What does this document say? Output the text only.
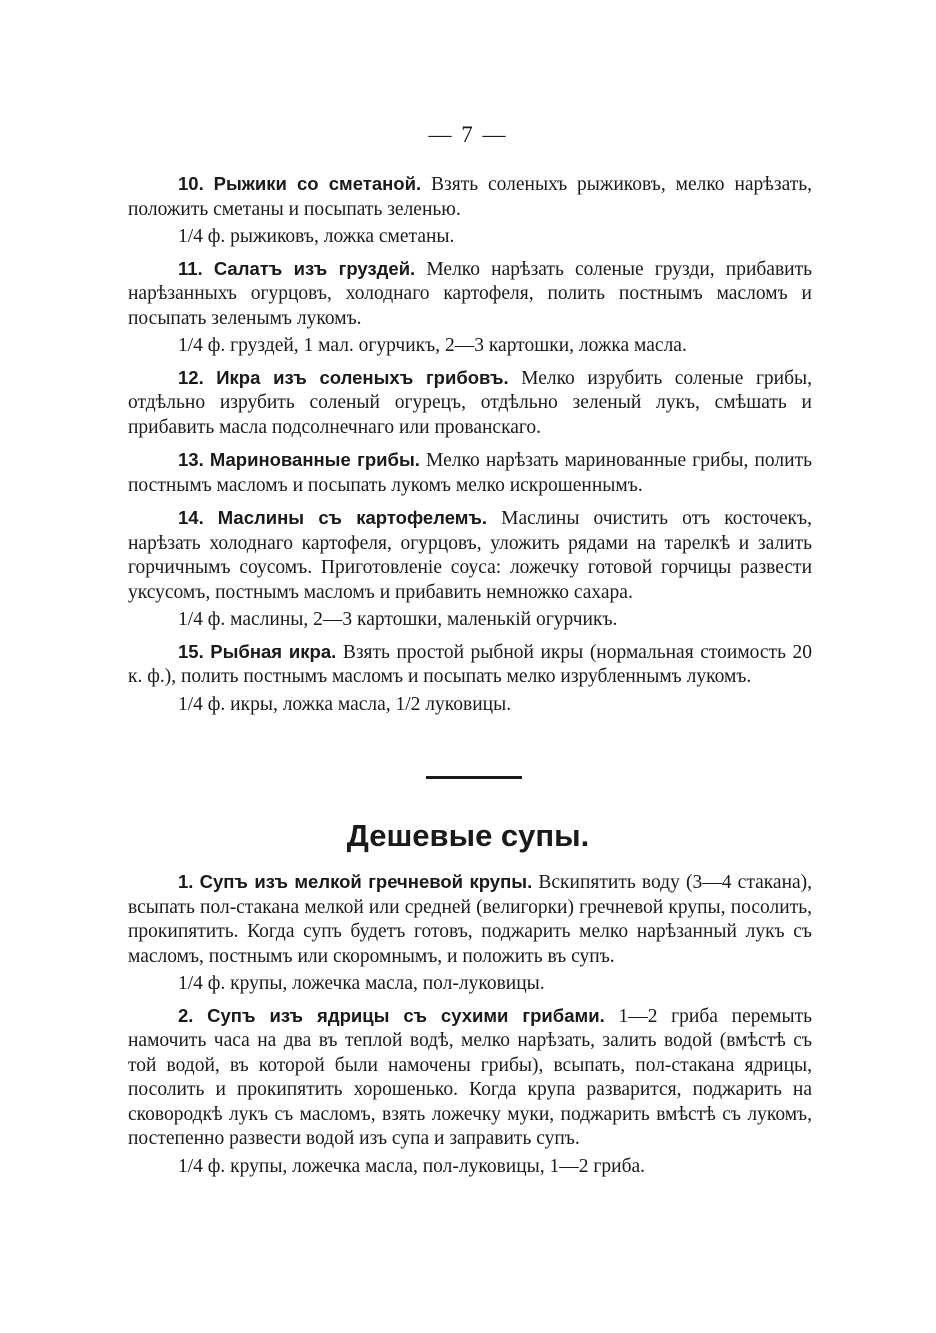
— 7 —

10. Рыжики со сметаной. Взять соленыхъ рыжиковъ, мелко нарѣзать, положить сметаны и посыпать зеленью.

1/4 ф. рыжиковъ, ложка сметаны.

11. Салатъ изъ груздей. Мелко нарѣзать соленые грузди, прибавить нарѣзанныхъ огурцовъ, холоднаго картофеля, полить постнымъ масломъ и посыпать зеленымъ лукомъ.

1/4 ф. груздей, 1 мал. огурчикъ, 2—3 картошки, ложка масла.

12. Икра изъ соленыхъ грибовъ. Мелко изрубить соленые грибы, отдѣльно изрубить соленый огурецъ, отдѣльно зеленый лукъ, смѣшать и прибавить масла подсолнечнаго или прованскаго.

13. Маринованные грибы. Мелко нарѣзать маринованные грибы, полить постнымъ масломъ и посыпать лукомъ мелко искрошеннымъ.

14. Маслины съ картофелемъ. Маслины очистить отъ косточекъ, нарѣзать холоднаго картофеля, огурцовъ, уложить рядами на тарелкѣ и залить горчичнымъ соусомъ. Приготовленіе соуса: ложечку готовой горчицы развести уксусомъ, постнымъ масломъ и прибавить немножко сахара.

1/4 ф. маслины, 2—3 картошки, маленькій огурчикъ.

15. Рыбная икра. Взять простой рыбной икры (нормальная стоимость 20 к. ф.), полить постнымъ масломъ и посыпать мелко изрубленнымъ лукомъ.

1/4 ф. икры, ложка масла, 1/2 луковицы.

Дешевые супы.

1. Супъ изъ мелкой гречневой крупы. Вскипятить воду (3—4 стакана), всыпать пол-стакана мелкой или средней (велигорки) гречневой крупы, посолить, прокипятить. Когда супъ будетъ готовъ, поджарить мелко нарѣзанный лукъ съ масломъ, постнымъ или скоромнымъ, и положить въ супъ.

1/4 ф. крупы, ложечка масла, пол-луковицы.

2. Супъ изъ ядрицы съ сухими грибами. 1—2 гриба перемыть намочить часа на два въ теплой водѣ, мелко нарѣзать, залить водой (вмѣстѣ съ той водой, въ которой были намочены грибы), всыпать, пол-стакана ядрицы, посолить и прокипятить хорошенько. Когда крупа разварится, поджарить на сковородкѣ лукъ съ масломъ, взять ложечку муки, поджарить вмѣстѣ съ лукомъ, постепенно развести водой изъ супа и заправить супъ.

1/4 ф. крупы, ложечка масла, пол-луковицы, 1—2 гриба.
